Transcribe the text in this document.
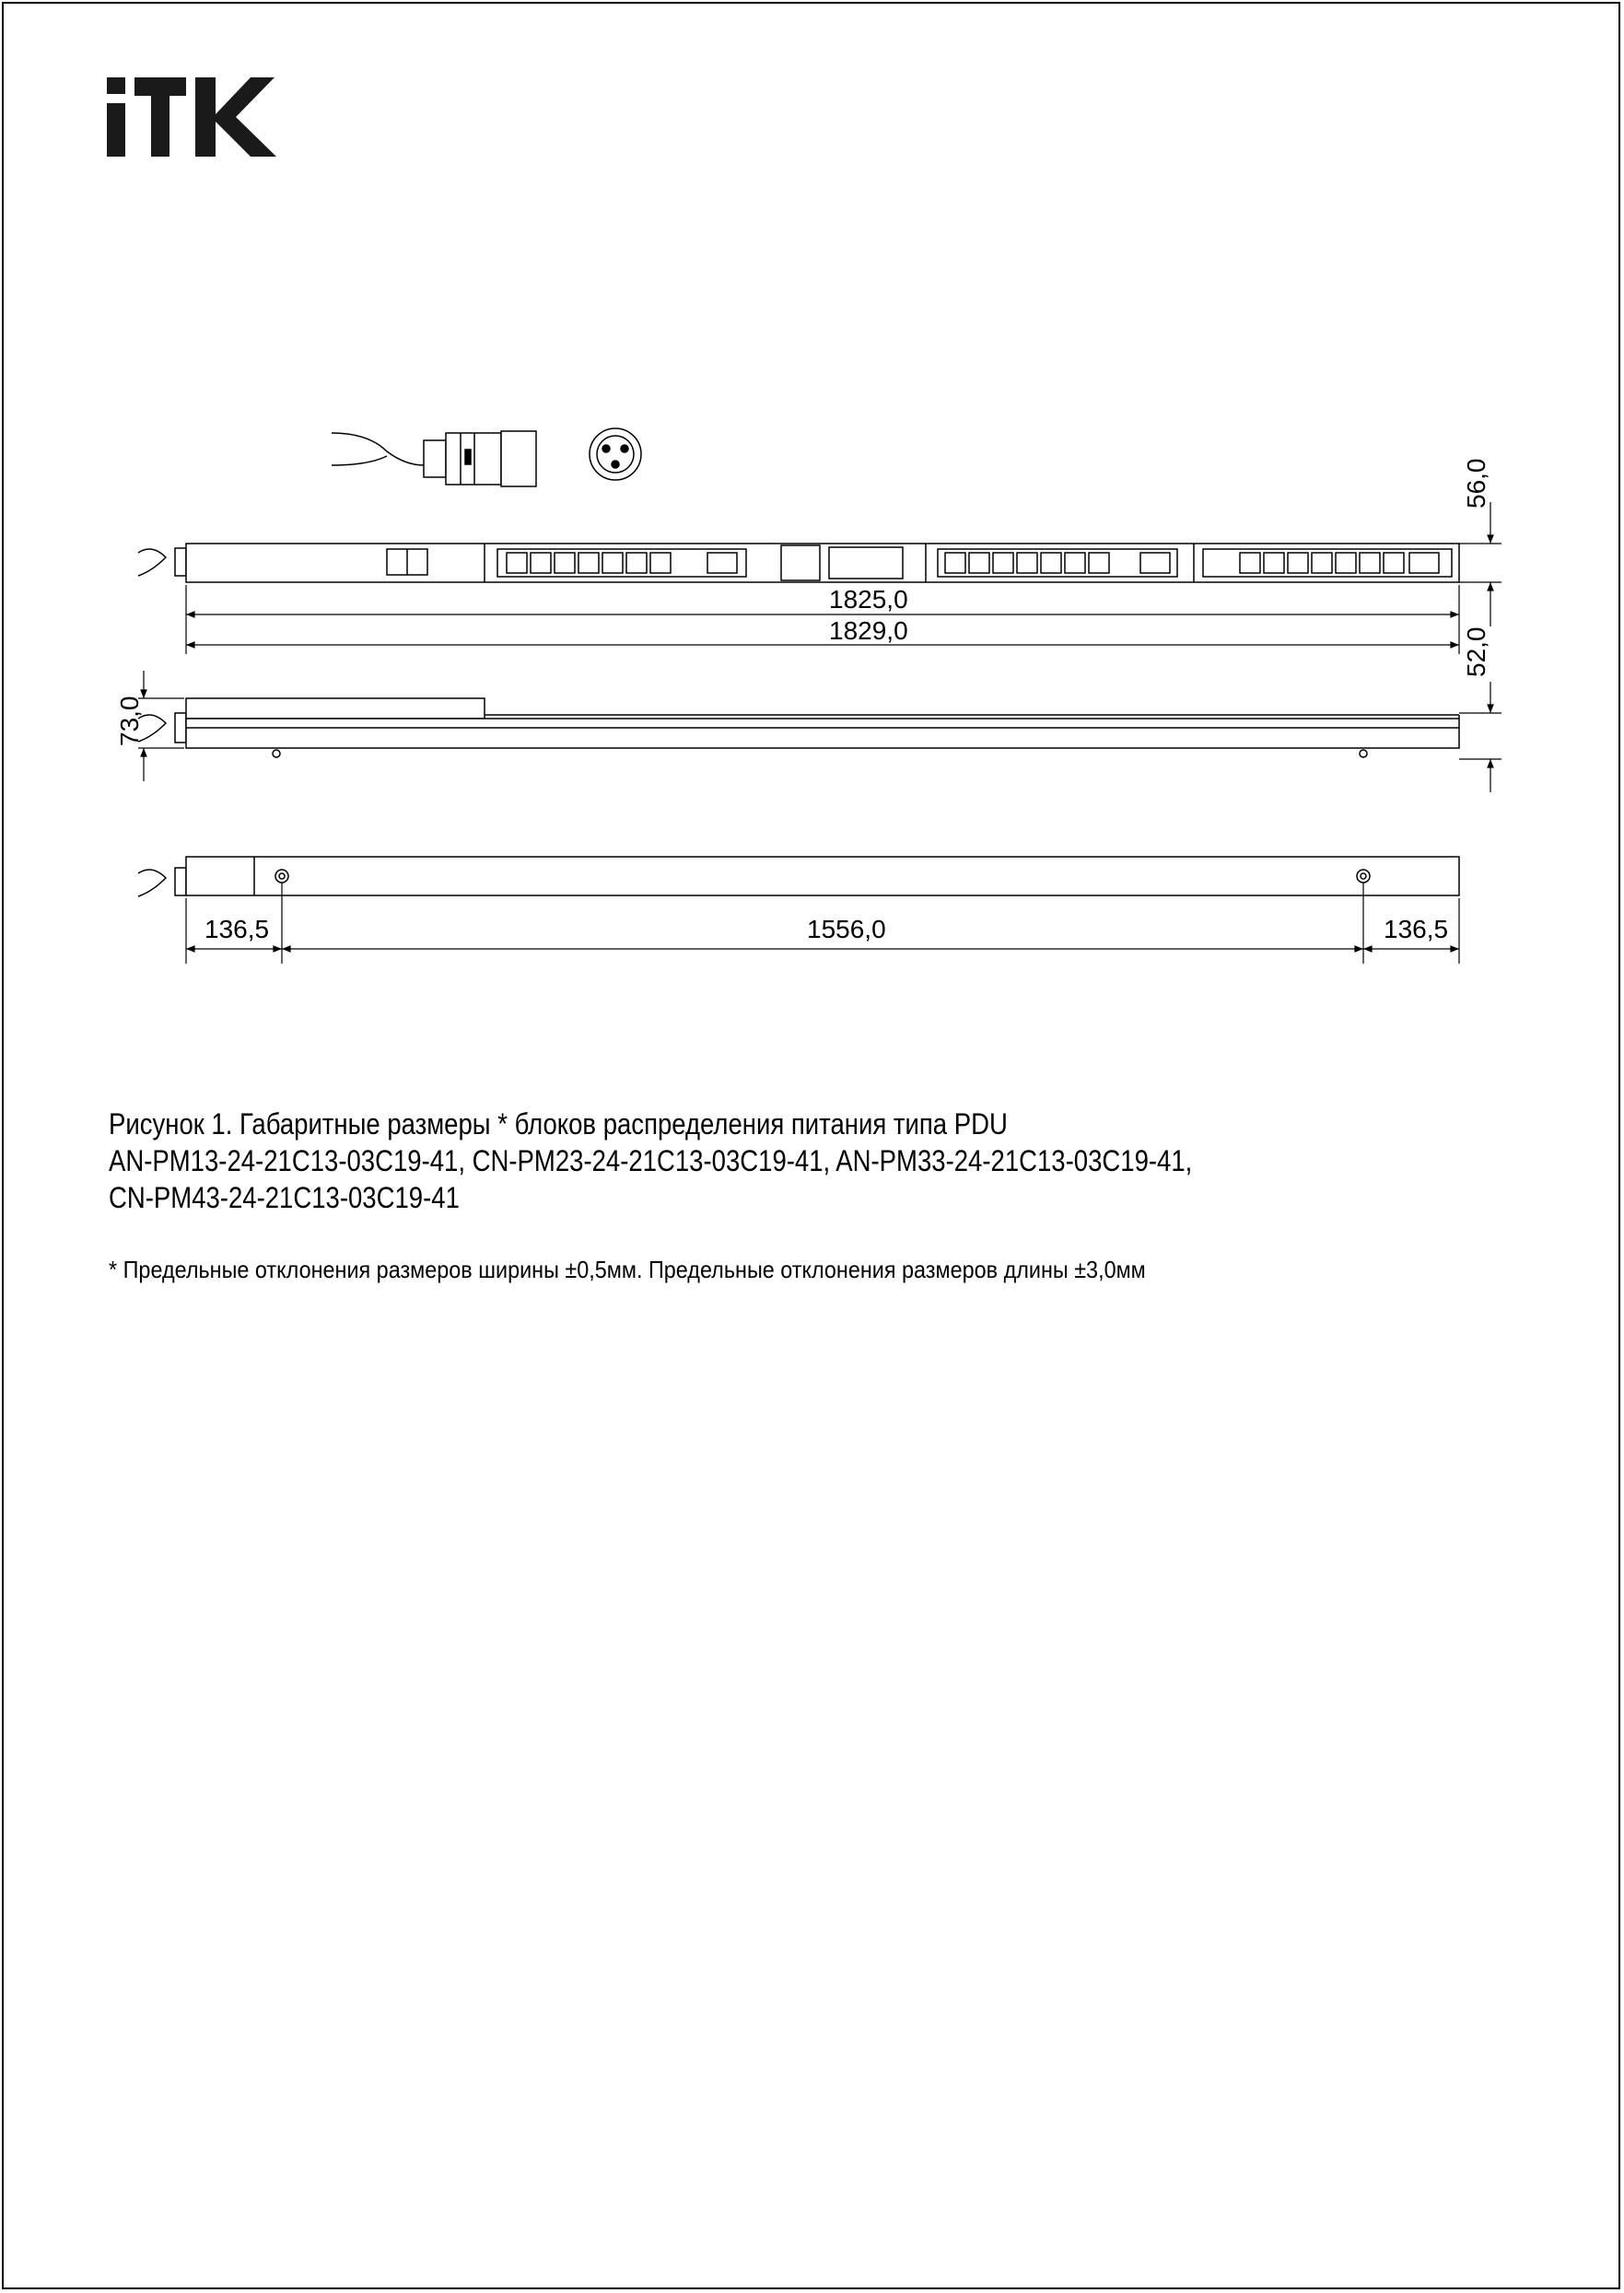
56,0
1825,0
1829,0	52,0
73,0
136,5	1556,0	136,5
Рисунок 1. Габаритные размеры * блоков распределения питания типа PDU
AN-PM13-24-21C13-03C19-41, CN-PM23-24-21C13-03C19-41, AN-PM33-24-21C13-03C19-41,
CN-PM43-24-21C13-03C19-41
* Предельные отклонения размеров ширины ±0,5мм. Предельные отклонения размеров длины ±3,0мм
